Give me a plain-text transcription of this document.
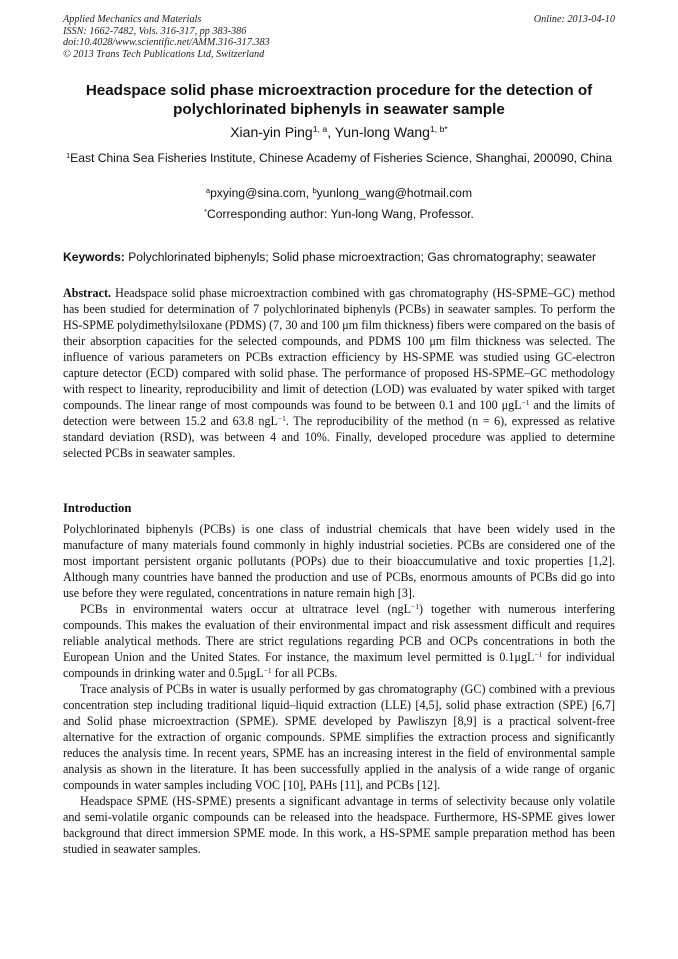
Applied Mechanics and Materials
ISSN: 1662-7482, Vols. 316-317, pp 383-386
doi:10.4028/www.scientific.net/AMM.316-317.383
© 2013 Trans Tech Publications Ltd, Switzerland
Online: 2013-04-10
Headspace solid phase microextraction procedure for the detection of
polychlorinated biphenyls in seawater sample
Xian-yin Ping$^{1, a}$, Yun-long Wang$^{1, b*}$
$^1$East China Sea Fisheries Institute, Chinese Academy of Fisheries Science, Shanghai, 200090, China
$^a$pxying@sina.com, $^b$yunlong_wang@hotmail.com
*Corresponding author: Yun-long Wang, Professor.
Keywords: Polychlorinated biphenyls; Solid phase microextraction; Gas chromatography; seawater
Abstract. Headspace solid phase microextraction combined with gas chromatography (HS-SPME–GC) method has been studied for determination of 7 polychlorinated biphenyls (PCBs) in seawater samples. To perform the HS-SPME polydimethylsiloxane (PDMS) (7, 30 and 100 μm film thickness) fibers were compared on the basis of their absorption capacities for the selected compounds, and PDMS 100 μm film thickness was selected. The influence of various parameters on PCBs extraction efficiency by HS-SPME was studied using GC-electron capture detector (ECD) compared with solid phase. The performance of proposed HS-SPME–GC methodology with respect to linearity, reproducibility and limit of detection (LOD) was evaluated by water spiked with target compounds. The linear range of most compounds was found to be between 0.1 and 100 μgL$^{-1}$ and the limits of detection were between 15.2 and 63.8 ngL$^{-1}$. The reproducibility of the method (n = 6), expressed as relative standard deviation (RSD), was between 4 and 10%. Finally, developed procedure was applied to determine selected PCBs in seawater samples.
Introduction

Polychlorinated biphenyls (PCBs) is one class of industrial chemicals that have been widely used in the manufacture of many materials found commonly in highly industrial societies. PCBs are considered one of the most important persistent organic pollutants (POPs) due to their bioaccumulative and toxic properties [1,2]. Although many countries have banned the production and use of PCBs, enormous amounts of PCBs did go into use before they were regulated, concentrations in nature remain high [3].

PCBs in environmental waters occur at ultratrace level (ngL$^{-1}$) together with numerous interfering compounds. This makes the evaluation of their environmental impact and risk assessment difficult and requires reliable analytical methods. There are strict regulations regarding PCB and OCPs concentrations in both the European Union and the United States. For instance, the maximum level permitted is 0.1μgL$^{-1}$ for individual compounds in drinking water and 0.5μgL$^{-1}$ for all PCBs.

Trace analysis of PCBs in water is usually performed by gas chromatography (GC) combined with a previous concentration step including traditional liquid–liquid extraction (LLE) [4,5], solid phase extraction (SPE) [6,7] and Solid phase microextraction (SPME). SPME developed by Pawliszyn [8,9] is a practical solvent-free alternative for the extraction of organic compounds. SPME simplifies the extraction process and significantly reduces the analysis time. In recent years, SPME has an increasing interest in the field of environmental sample analysis as shown in the literature. It has been successfully applied in the analysis of a wide range of organic compounds in water samples including VOC [10], PAHs [11], and PCBs [12].

Headspace SPME (HS-SPME) presents a significant advantage in terms of selectivity because only volatile and semi-volatile organic compounds can be released into the headspace. Furthermore, HS-SPME gives lower background that direct immersion SPME mode. In this work, a HS-SPME sample preparation method has been studied in seawater samples.
